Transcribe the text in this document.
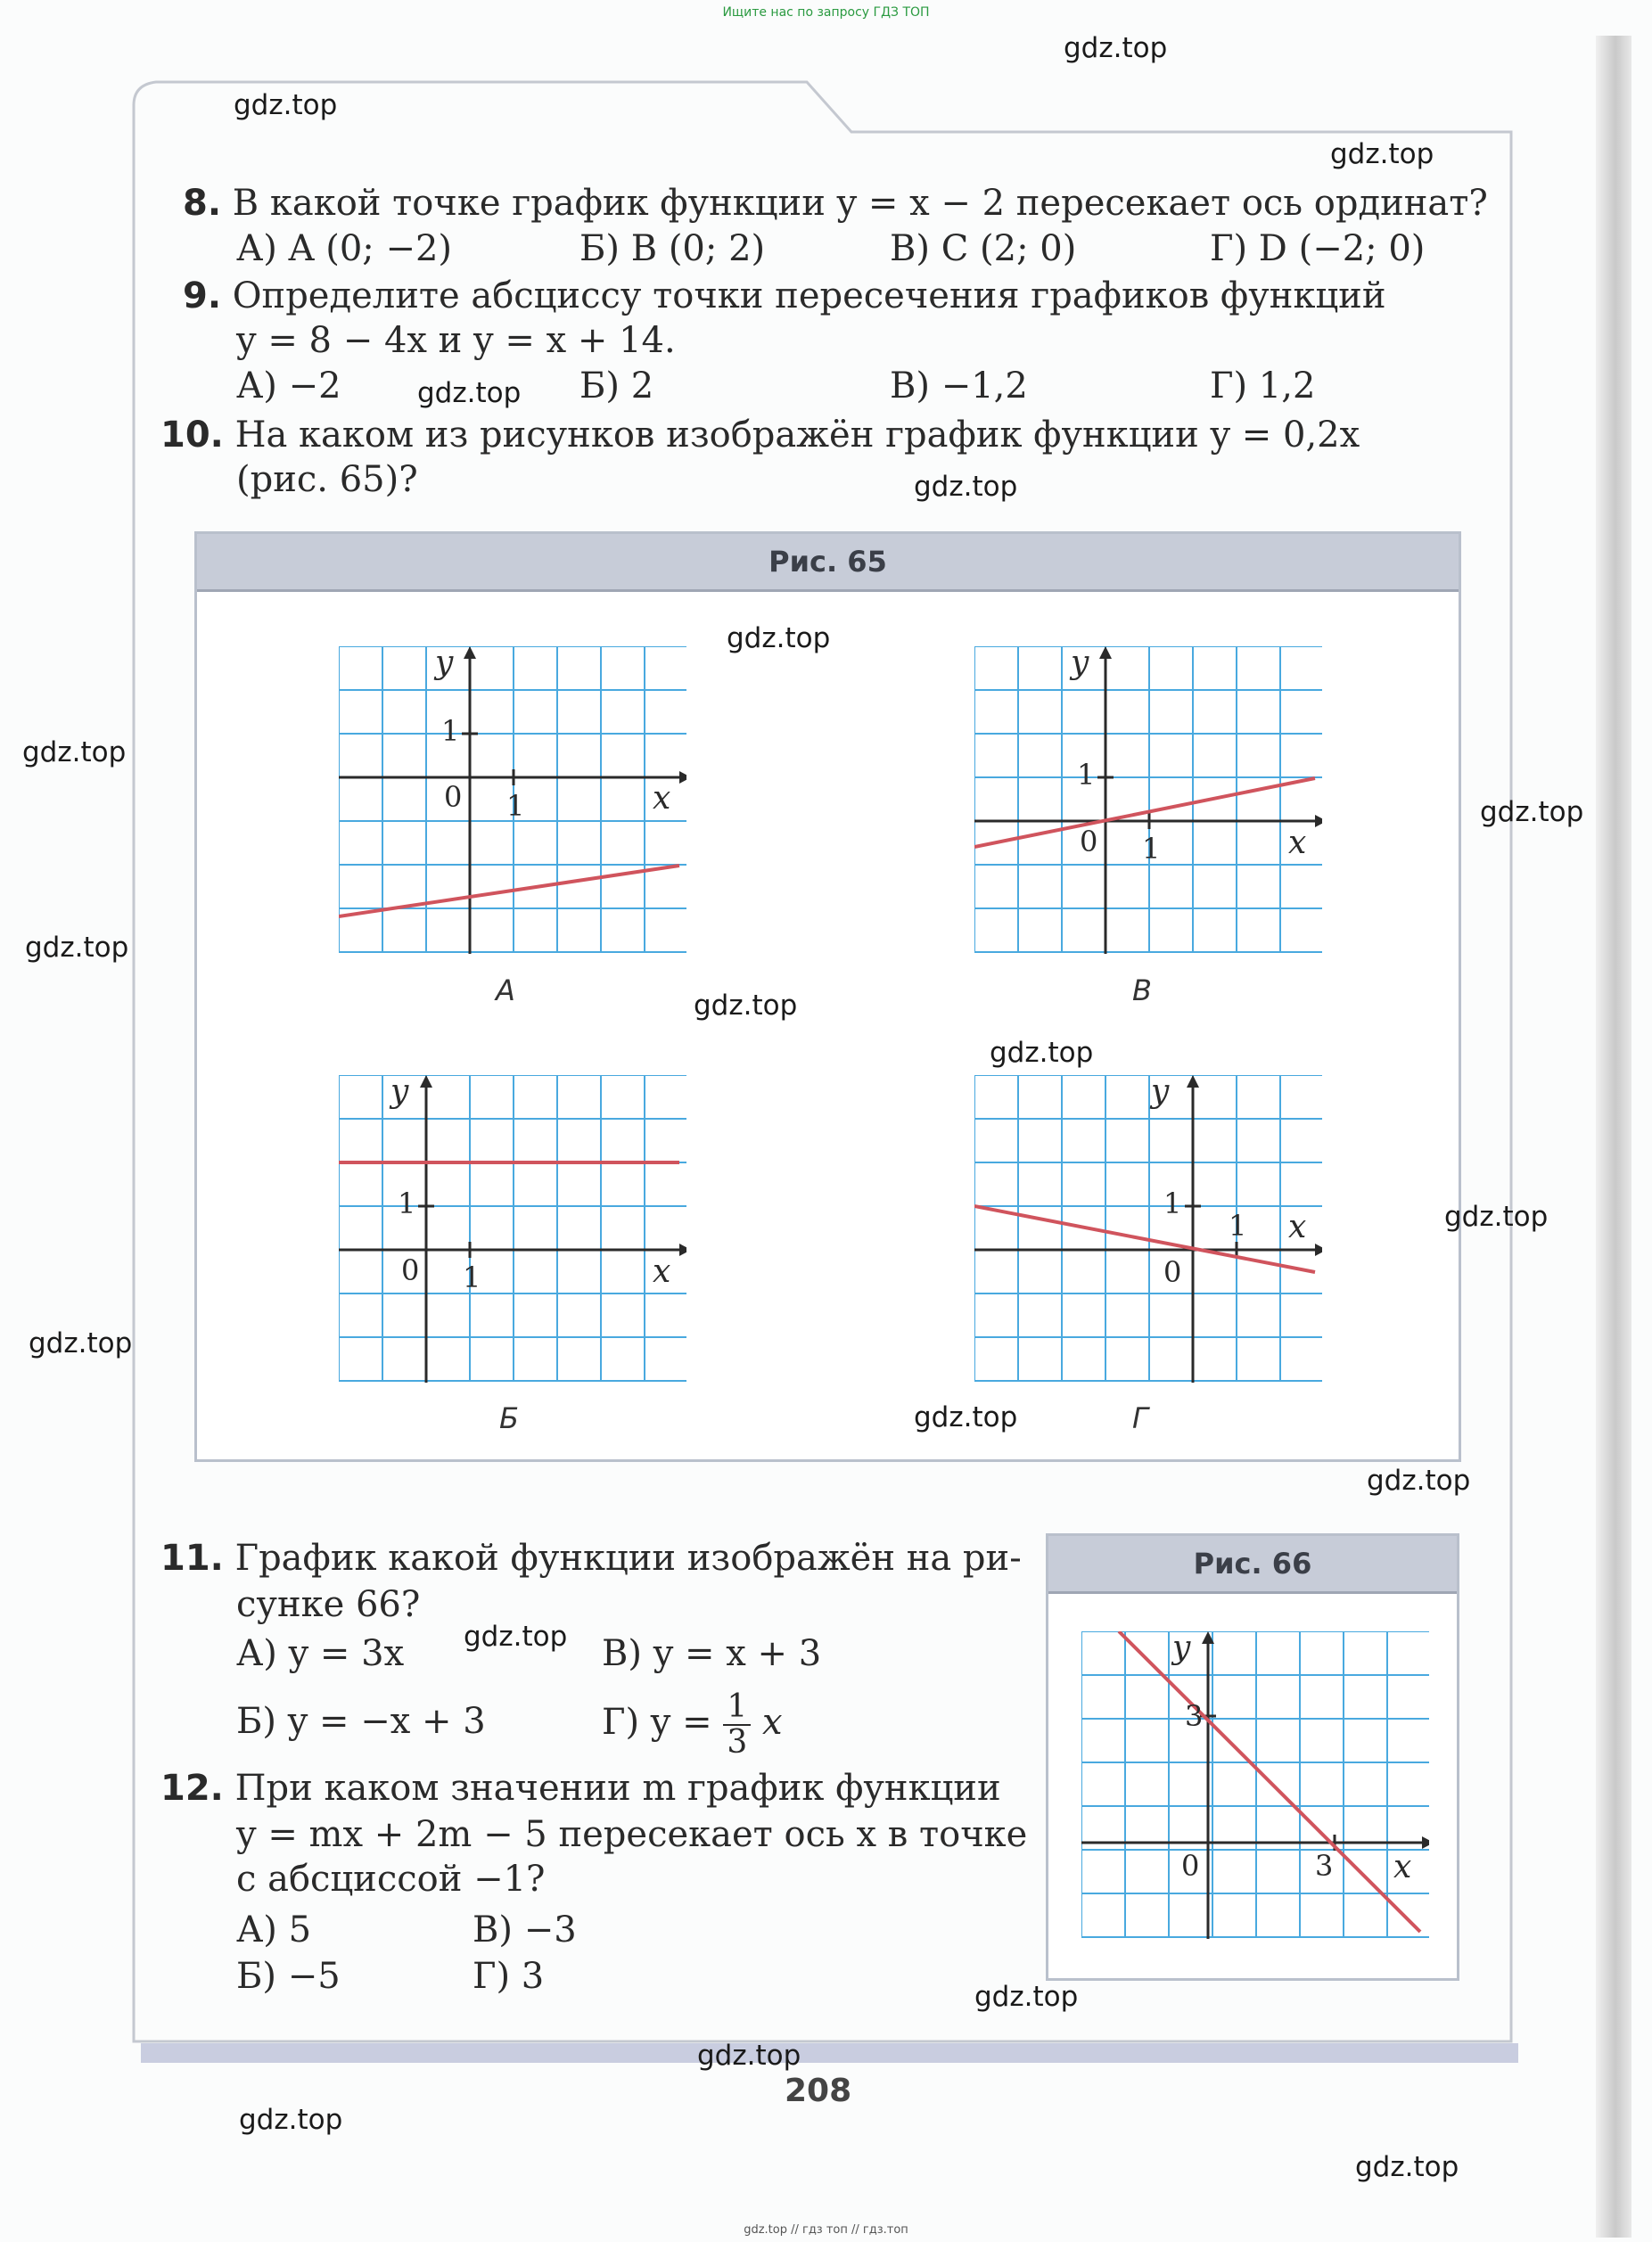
Ищите нас по запросу ГДЗ ТОП
8. В какой точке график функции y = x − 2 пересекает ось ординат?
А) A (0; −2)	Б) B (0; 2)	В) C (2; 0)	Г) D (−2; 0)
9. Определите абсциссу точки пересечения графиков функций
y = 8 − 4x и y = x + 14.
А) −2	Б) 2	В) −1,2	Г) 1,2
10. На каком из рисунков изображён график функции y = 0,2x
(рис. 65)?
Рис. 65
y
x
0
1
1
А
y
x
0
1
1
В
y
x
0
1
1
Б
y
x
0
1
1
Г
11. График какой функции изображён на ри-
сунке 66?
А) y = 3x	В) y = x + 3
Б) y = −x + 3	Г) $y = \frac{1}{3}$ x
Рис. 66
y
x
0
3
3
12. При каком значении m график функции
y = mx + 2m − 5 пересекает ось x в точке
с абсциссой −1?
А) 5	В) −3
Б) −5	Г) 3
208
gdz.top
gdz.top
gdz.top
gdz.top
gdz.top
gdz.top
gdz.top
gdz.top
gdz.top
gdz.top
gdz.top
gdz.top
gdz.top
gdz.top
gdz.top
gdz.top
gdz.top
gdz.top
gdz.top
gdz.top
gdz.top // гдз топ // гдз.топ
